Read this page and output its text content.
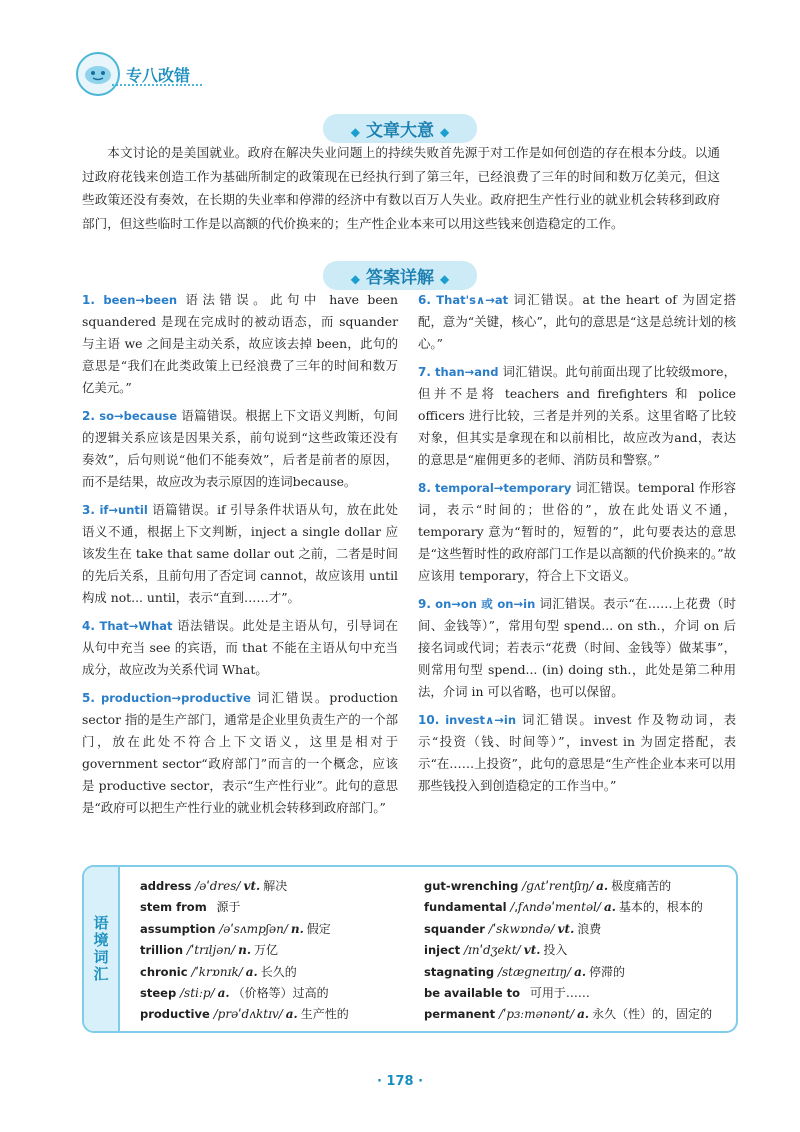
专八改错
◆ 文章大意 ◆
本文讨论的是美国就业。政府在解决失业问题上的持续失败首先源于对工作是如何创造的存在根本分歧。以通过政府花钱来创造工作为基础所制定的政策现在已经执行到了第三年，已经浪费了三年的时间和数万亿美元，但这些政策还没有奏效，在长期的失业率和停滞的经济中有数以百万人失业。政府把生产性行业的就业机会转移到政府部门，但这些临时工作是以高额的代价换来的；生产性企业本来可以用这些钱来创造稳定的工作。
◆ 答案详解 ◆
1. been→been 语法错误。此句中 have been squandered 是现在完成时的被动语态，而 squander 与主语 we 之间是主动关系，故应该去掉 been，此句的意思是“我们在此类政策上已经浪费了三年的时间和数万亿美元。”
2. so→because 语篇错误。根据上下文语义判断，句间的逻辑关系应该是因果关系，前句说到“这些政策还没有奏效”，后句则说“他们不能奏效”，后者是前者的原因，而不是结果，故应改为表示原因的连词because。
3. if→until 语篇错误。if 引导条件状语从句，放在此处语义不通，根据上下文判断，inject a single dollar 应该发生在 take that same dollar out 之前，二者是时间的先后关系，且前句用了否定词 cannot，故应该用 until 构成 not... until，表示“直到……才”。
4. That→What 语法错误。此处是主语从句，引导词在从句中充当 see 的宾语，而 that 不能在主语从句中充当成分，故应改为关系代词 What。
5. production→productive 词汇错误。production sector 指的是生产部门，通常是企业里负责生产的一个部门，放在此处不符合上下文语义，这里是相对于 government sector“政府部门”而言的一个概念，应该是 productive sector，表示“生产性行业”。此句的意思是“政府可以把生产性行业的就业机会转移到政府部门。”
6. That's∧→at 词汇错误。at the heart of 为固定搭配，意为“关键，核心”，此句的意思是“这是总统计划的核心。”
7. than→and 词汇错误。此句前面出现了比较级more，但并不是将 teachers and firefighters 和 police officers 进行比较，三者是并列的关系。这里省略了比较对象，但其实是拿现在和以前相比，故应改为and，表达的意思是“雇佣更多的老师、消防员和警察。”
8. temporal→temporary 词汇错误。temporal 作形容词，表示“时间的；世俗的”，放在此处语义不通，temporary 意为“暂时的，短暂的”，此句要表达的意思是“这些暂时性的政府部门工作是以高额的代价换来的。”故应该用 temporary，符合上下文语义。
9. on→on 或 on→in 词汇错误。表示“在……上花费（时间、金钱等）”，常用句型 spend... on sth.，介词 on 后接名词或代词；若表示“花费（时间、金钱等）做某事”，则常用句型 spend... (in) doing sth.，此处是第二种用法，介词 in 可以省略，也可以保留。
10. invest∧→in 词汇错误。invest 作及物动词，表示“投资（钱、时间等）”，invest in 为固定搭配，表示“在……上投资”，此句的意思是“生产性企业本来可以用那些钱投入到创造稳定的工作当中。”
语境词汇
address /əˈdres/ vt. 解决
stem from 源于
assumption /əˈsʌmpʃən/ n. 假定
trillion /ˈtrɪljən/ n. 万亿
chronic /ˈkrɒnɪk/ a. 长久的
steep /stiːp/ a. （价格等）过高的
productive /prəˈdʌktɪv/ a. 生产性的
gut-wrenching /ɡʌtˈrentʃɪŋ/ a. 极度痛苦的
fundamental /ˌfʌndəˈmentəl/ a. 基本的，根本的
squander /ˈskwɒndə/ vt. 浪费
inject /ɪnˈdʒekt/ vt. 投入
stagnating /stæɡneɪtɪŋ/ a. 停滞的
be available to 可用于……
permanent /ˈpɜːmənənt/ a. 永久（性）的，固定的
· 178 ·
